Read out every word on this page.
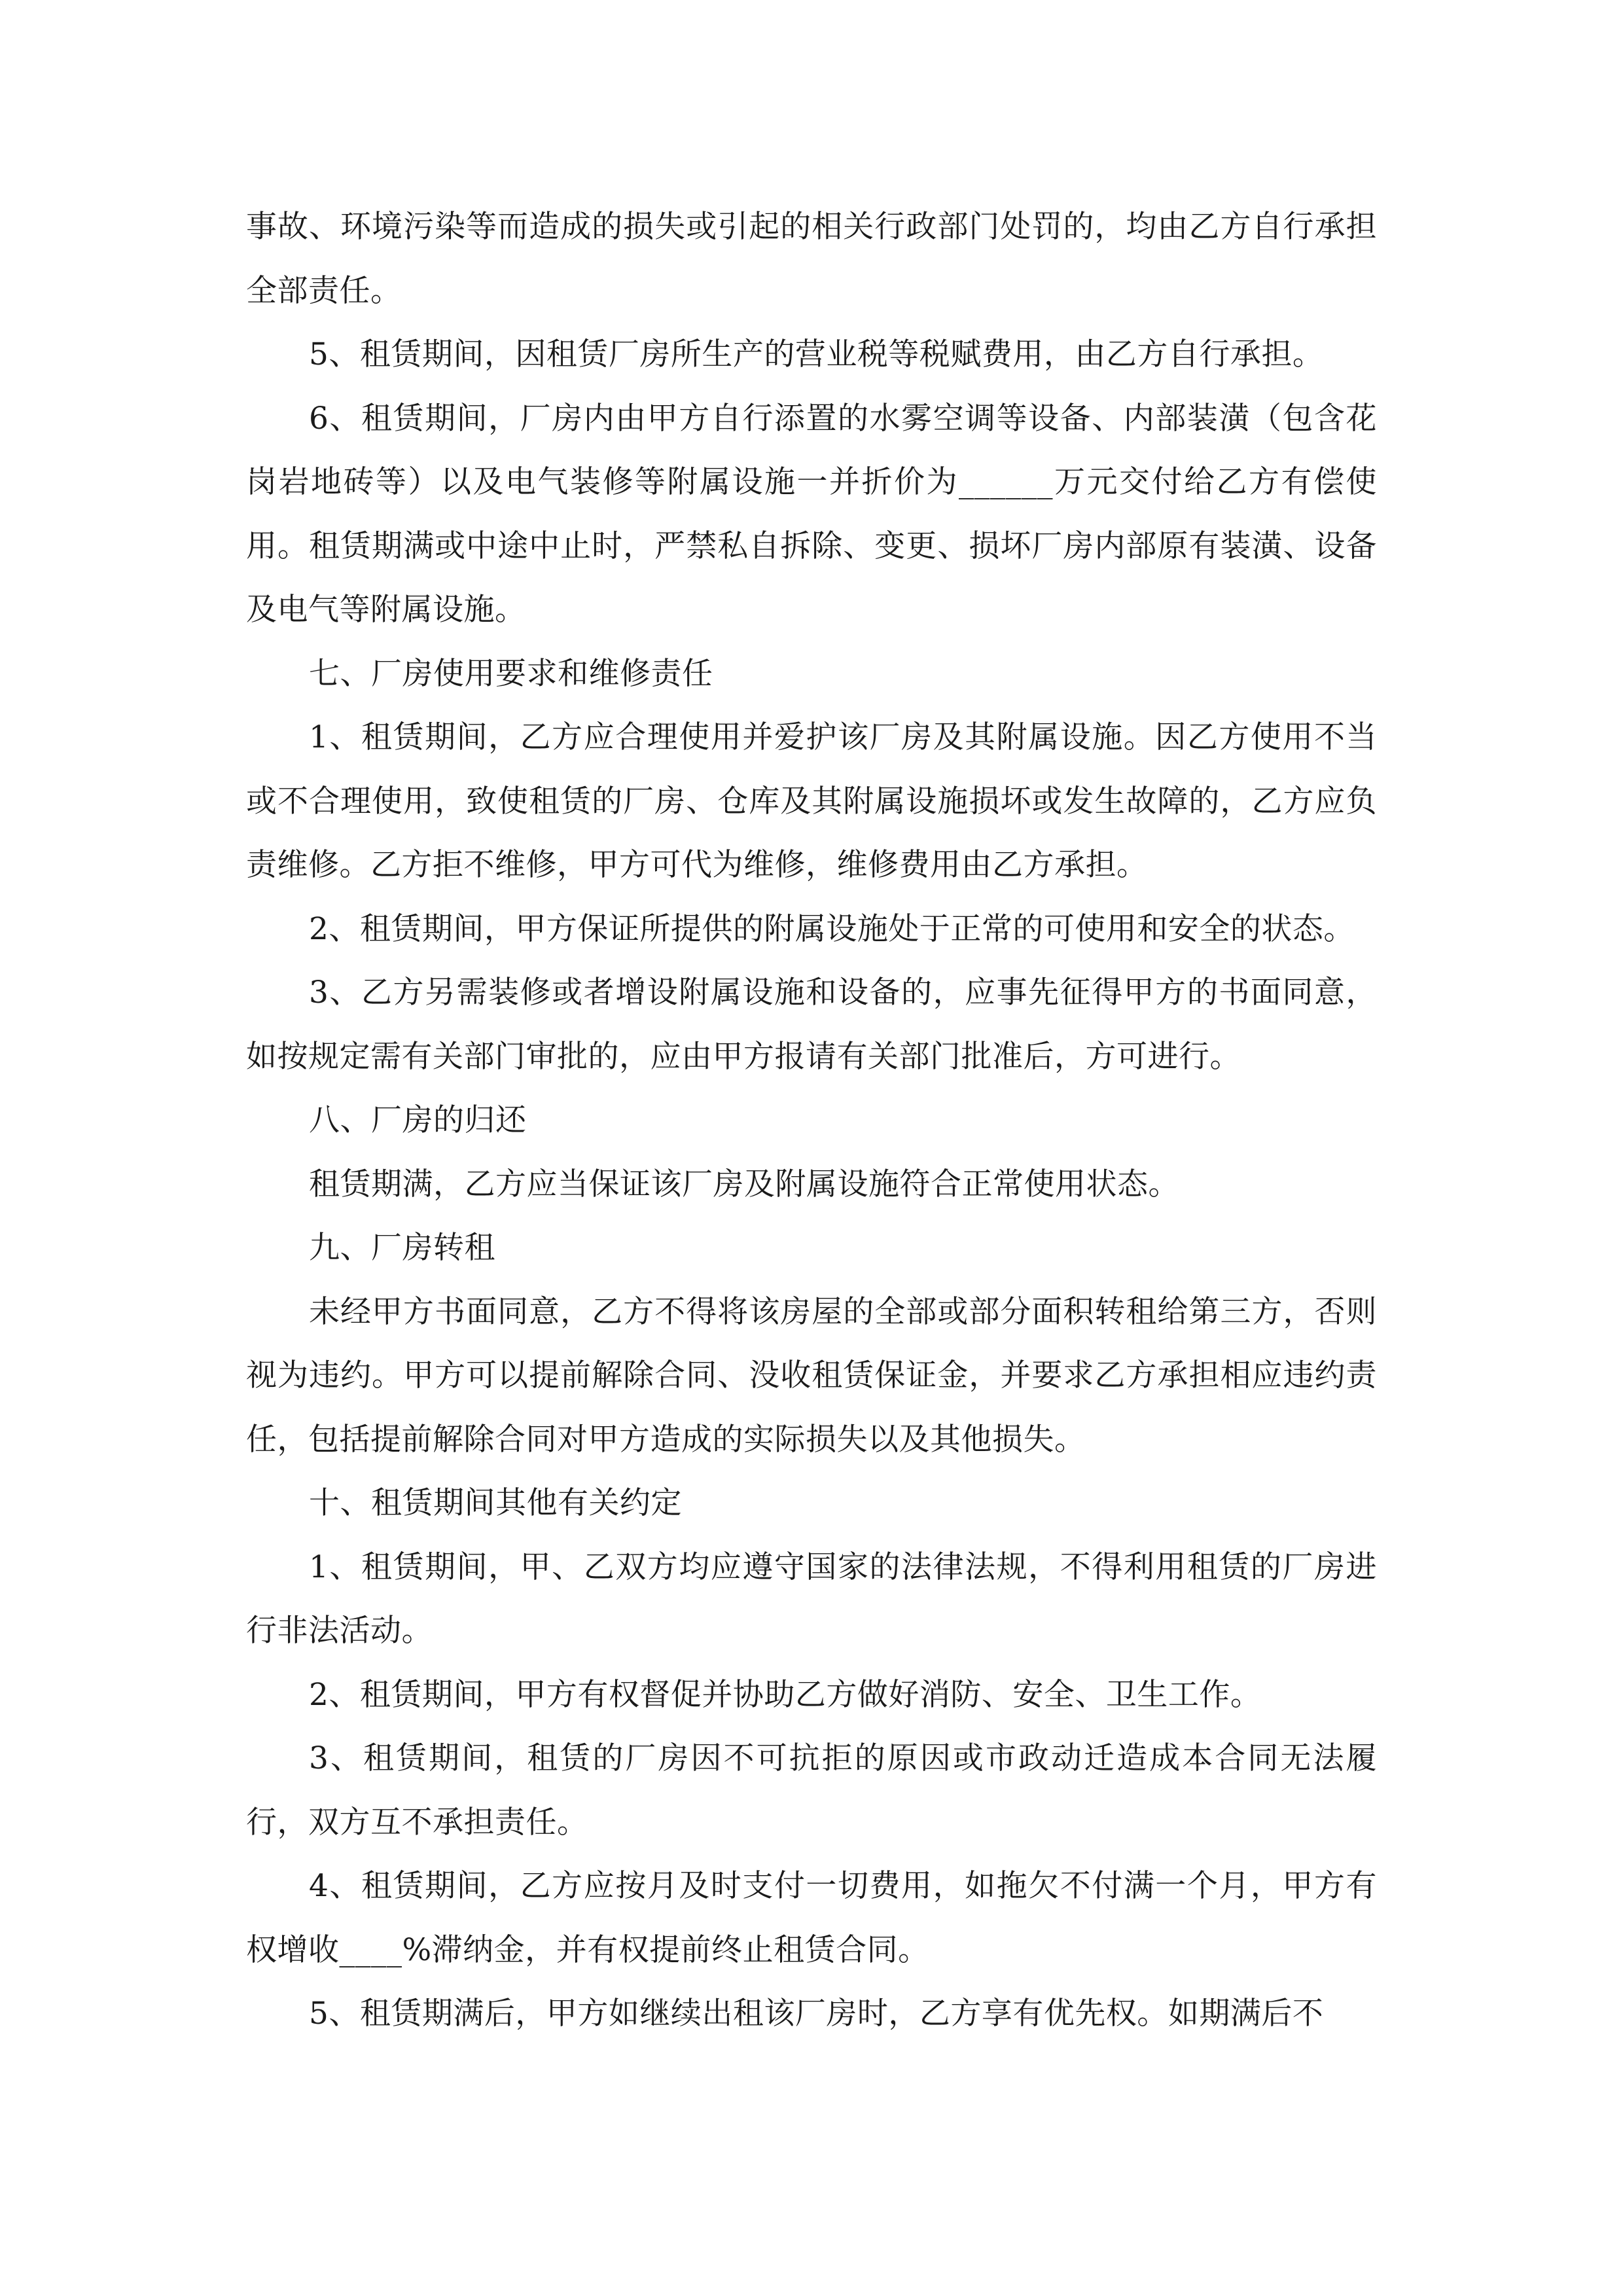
事故、环境污染等而造成的损失或引起的相关行政部门处罚的，均由乙方自行承担全部责任。

5、租赁期间，因租赁厂房所生产的营业税等税赋费用，由乙方自行承担。

6、租赁期间，厂房内由甲方自行添置的水雾空调等设备、内部装潢（包含花岗岩地砖等）以及电气装修等附属设施一并折价为______万元交付给乙方有偿使用。租赁期满或中途中止时，严禁私自拆除、变更、损坏厂房内部原有装潢、设备及电气等附属设施。

七、厂房使用要求和维修责任

1、租赁期间，乙方应合理使用并爱护该厂房及其附属设施。因乙方使用不当或不合理使用，致使租赁的厂房、仓库及其附属设施损坏或发生故障的，乙方应负责维修。乙方拒不维修，甲方可代为维修，维修费用由乙方承担。

2、租赁期间，甲方保证所提供的附属设施处于正常的可使用和安全的状态。

3、乙方另需装修或者增设附属设施和设备的，应事先征得甲方的书面同意，如按规定需有关部门审批的，应由甲方报请有关部门批准后，方可进行。

八、厂房的归还

租赁期满，乙方应当保证该厂房及附属设施符合正常使用状态。

九、厂房转租

未经甲方书面同意，乙方不得将该房屋的全部或部分面积转租给第三方，否则视为违约。甲方可以提前解除合同、没收租赁保证金，并要求乙方承担相应违约责任，包括提前解除合同对甲方造成的实际损失以及其他损失。

十、租赁期间其他有关约定

1、租赁期间，甲、乙双方均应遵守国家的法律法规，不得利用租赁的厂房进行非法活动。

2、租赁期间，甲方有权督促并协助乙方做好消防、安全、卫生工作。

3、租赁期间，租赁的厂房因不可抗拒的原因或市政动迁造成本合同无法履行，双方互不承担责任。

4、租赁期间，乙方应按月及时支付一切费用，如拖欠不付满一个月，甲方有权增收____%滞纳金，并有权提前终止租赁合同。

5、租赁期满后，甲方如继续出租该厂房时，乙方享有优先权。如期满后不
